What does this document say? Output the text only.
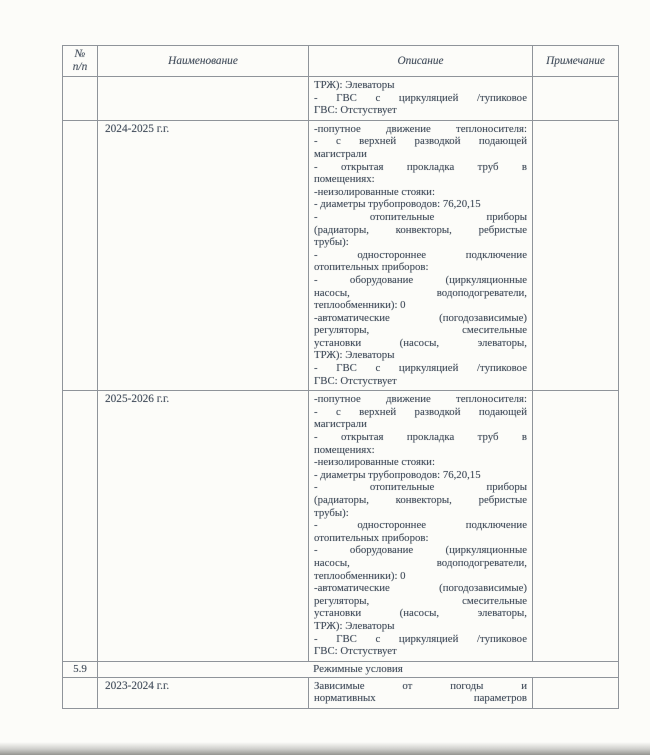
№
п/п	Наименование	Описание	Примечание

		ТРЖ): Элеваторы
- ГВС с циркуляцией /тупиковое
ГВС: Отстуствует	

	2024-2025 г.г.	-попутное движение теплоносителя:
- с верхней разводкой подающей
магистрали
- открытая прокладка труб в
помещениях:
-неизолированные стояки:
- диаметры трубопроводов: 76,20,15
- отопительные приборы
(радиаторы, конвекторы, ребристые
трубы):
- одностороннее подключение
отопительных приборов:
- оборудование (циркуляционные
насосы, водоподогреватели,
теплообменники): 0
-автоматические (погодозависимые)
регуляторы, смесительные
установки (насосы, элеваторы,
ТРЖ): Элеваторы
- ГВС с циркуляцией /тупиковое
ГВС: Отстуствует

	2025-2026 г.г.	-попутное движение теплоносителя:
- с верхней разводкой подающей
магистрали
- открытая прокладка труб в
помещениях:
-неизолированные стояки:
- диаметры трубопроводов: 76,20,15
- отопительные приборы
(радиаторы, конвекторы, ребристые
трубы):
- одностороннее подключение
отопительных приборов:
- оборудование (циркуляционные
насосы, водоподогреватели,
теплообменники): 0
-автоматические (погодозависимые)
регуляторы, смесительные
установки (насосы, элеваторы,
ТРЖ): Элеваторы
- ГВС с циркуляцией /тупиковое
ГВС: Отстуствует

5.9	Режимные условия		
	2023-2024 г.г.	Зависимые от погоды и
нормативных параметров	
